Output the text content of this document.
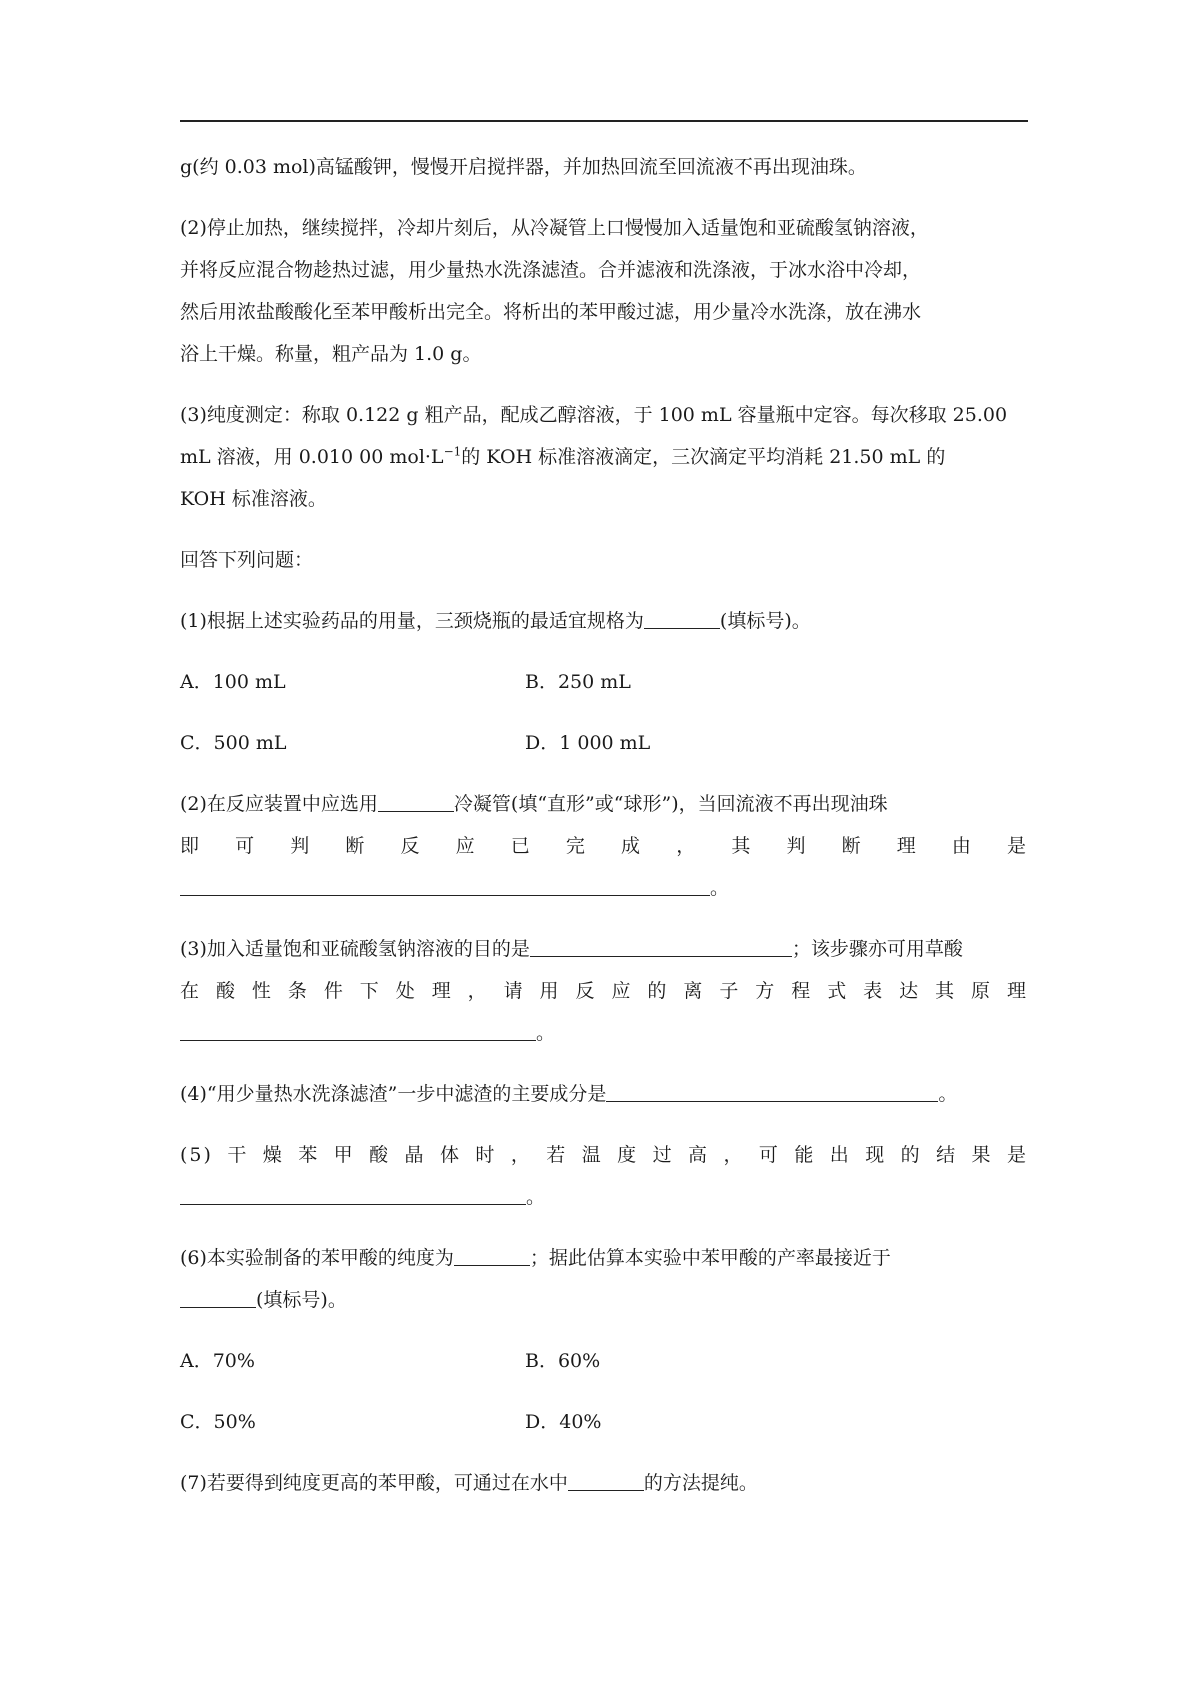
g(约 0.03 mol)高锰酸钾，慢慢开启搅拌器，并加热回流至回流液不再出现油珠。
(2)停止加热，继续搅拌，冷却片刻后，从冷凝管上口慢慢加入适量饱和亚硫酸氢钠溶液，
并将反应混合物趁热过滤，用少量热水洗涤滤渣。合并滤液和洗涤液，于冰水浴中冷却，
然后用浓盐酸酸化至苯甲酸析出完全。将析出的苯甲酸过滤，用少量冷水洗涤，放在沸水
浴上干燥。称量，粗产品为 1.0 g。
(3)纯度测定：称取 0.122 g 粗产品，配成乙醇溶液，于 100 mL 容量瓶中定容。每次移取 25.00
mL 溶液，用 0.010 00 $mol\cdot L^{-1}$的 KOH 标准溶液滴定，三次滴定平均消耗 21.50 mL 的
KOH 标准溶液。
回答下列问题：
(1)根据上述实验药品的用量，三颈烧瓶的最适宜规格为	(填标号)。
A．100 mL	B．250 mL
C．500 mL	D．1 000 mL
(2)在反应装置中应选用	冷凝管(填“直形”或“球形”)，当回流液不再出现油珠
即可判断反应已完成，其判断理由是
。
(3)加入适量饱和亚硫酸氢钠溶液的目的是	；该步骤亦可用草酸
在酸性条件下处理，请用反应的离子方程式表达其原理
。
(4)“用少量热水洗涤滤渣”一步中滤渣的主要成分是	。
(5)干燥苯甲酸晶体时，若温度过高，可能出现的结果是
。
(6)本实验制备的苯甲酸的纯度为	；据此估算本实验中苯甲酸的产率最接近于
(填标号)。
A．70%	B．60%
C．50%	D．40%
(7)若要得到纯度更高的苯甲酸，可通过在水中	的方法提纯。
